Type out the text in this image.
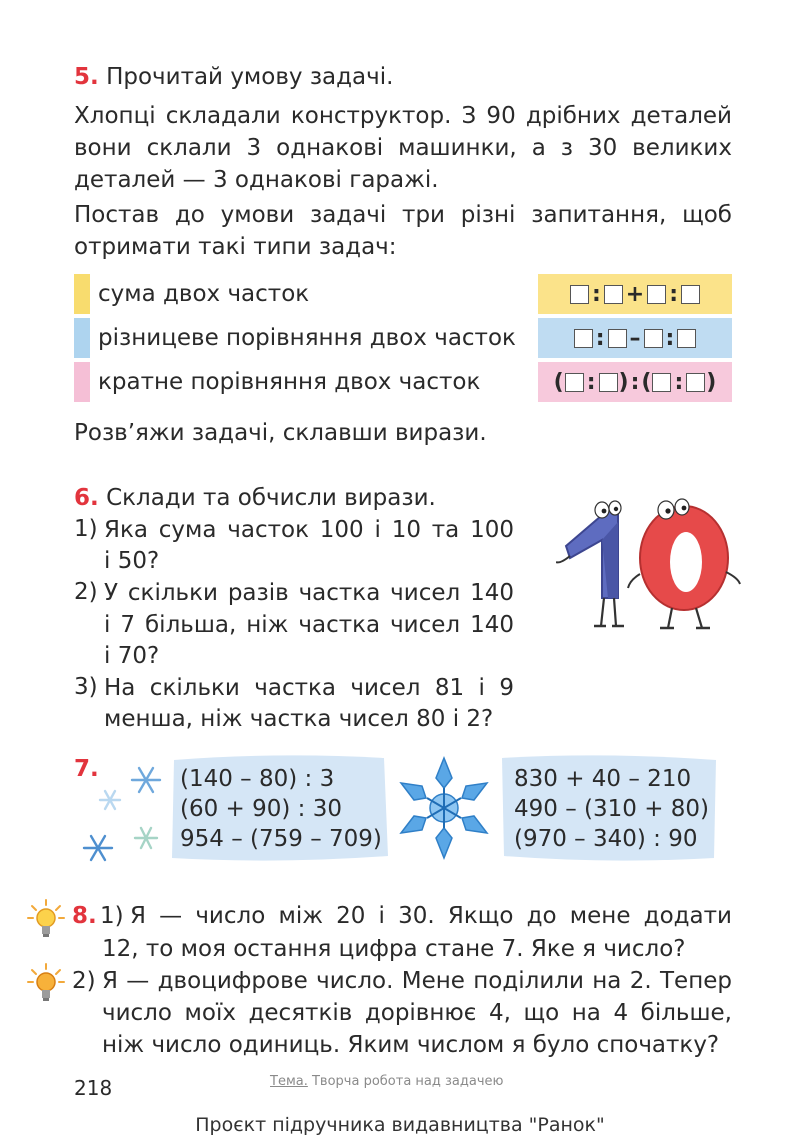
5. Прочитай умову задачі.
Хлопці складали конструктор. З 90 дрібних деталей
вони склали 3 однакові машинки, а з 30 великих
деталей — 3 однакові гаражі.
Постав до умови задачі три різні запитання, щоб
отримати такі типи задач:
сума двох часток	: + :
різницеве порівняння двох часток	: – :
кратне порівняння двох часток	( : ) : ( : )
Розв’яжи задачі, склавши вирази.
6. Склади та обчисли вирази.
1) Яка сума часток 100 і 10 та 100
і 50?
2) У скільки разів частка чисел 140
і 7 більша, ніж частка чисел 140
і 70?
3) На скільки частка чисел 81 і 9
менша, ніж частка чисел 80 і 2?
7.	(140 – 80) : 3
(60 + 90) : 30
954 – (759 – 709)
830 + 40 – 210
490 – (310 + 80)
(970 – 340) : 90
8. 1) Я — число між 20 і 30. Якщо до мене додати
12, то моя остання цифра стане 7. Яке я число?
2) Я — двоцифрове число. Мене поділили на 2. Тепер
число моїх десятків дорівнює 4, що на 4 більше,
ніж число одиниць. Яким числом я було спочатку?
218	Тема. Творча робота над задачею
Проєкт підручника видавництва "Ранок"
